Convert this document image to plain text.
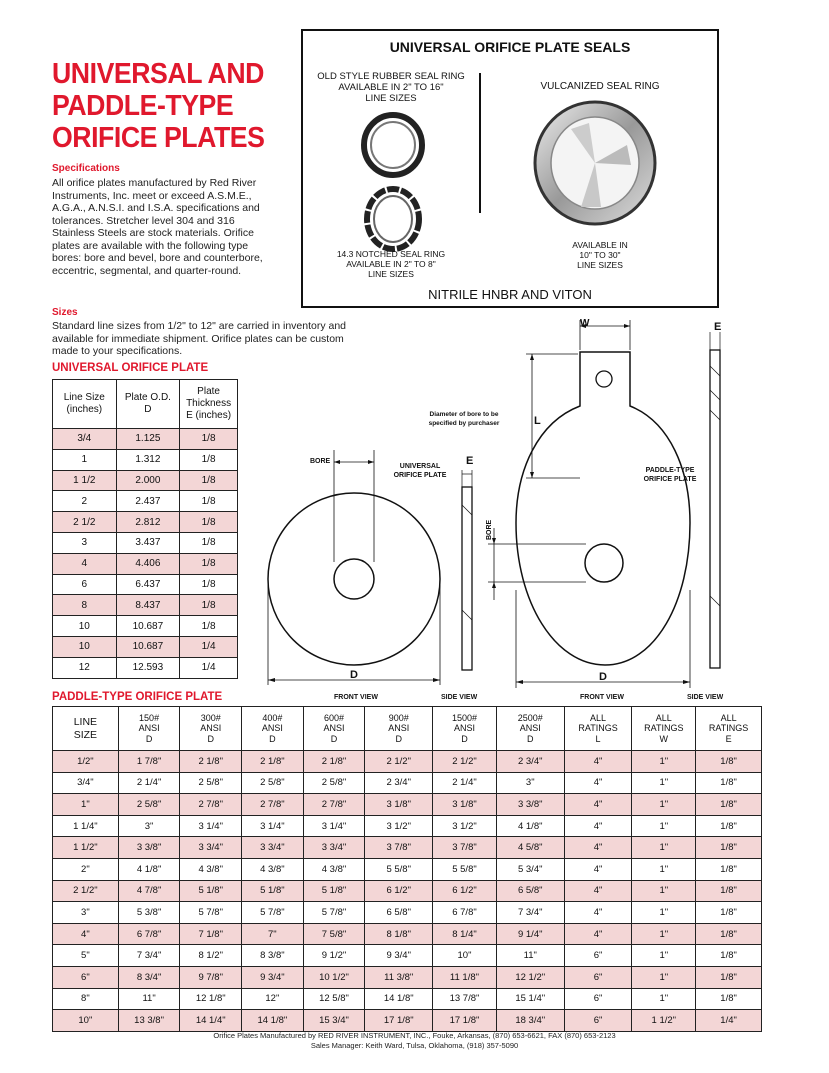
UNIVERSAL AND
PADDLE-TYPE
ORIFICE PLATES
Specifications
All orifice plates manufactured by Red River Instruments, Inc. meet or exceed A.S.M.E., A.G.A., A.N.S.I. and I.S.A. specifications and tolerances. Stretcher level 304 and 316 Stainless Steels are stock materials. Orifice plates are available with the following type bores: bore and bevel, bore and counterbore, eccentric, segmental, and quarter-round.
Sizes
Standard line sizes from 1/2" to 12" are carried in inventory and available for immediate shipment. Orifice plates can be custom made to your specifications.
UNIVERSAL ORIFICE PLATE SEALS
OLD STYLE RUBBER SEAL RING
AVAILABLE IN 2" TO 16"
LINE SIZES
14.3 NOTCHED SEAL RING
AVAILABLE IN 2" TO 8"
LINE SIZES
VULCANIZED SEAL RING
AVAILABLE IN
10" TO 30"
LINE SIZES
NITRILE HNBR AND VITON
UNIVERSAL ORIFICE PLATE
Line Size
(inches)	Plate O.D.
D	Plate
Thickness
E (inches)
3/4	1.125	1/8
1	1.312	1/8
1 1/2	2.000	1/8
2	2.437	1/8
2 1/2	2.812	1/8
3	3.437	1/8
4	4.406	1/8
6	6.437	1/8
8	8.437	1/8
10	10.687	1/8
10	10.687	1/4
12	12.593	1/4
W	E
E
L
D	D
BORE
BORE
Diameter of bore to be
specified by purchaser
UNIVERSAL
ORIFICE PLATE
PADDLE-TYPE
ORIFICE PLATE
FRONT VIEW	SIDE VIEW	FRONT VIEW	SIDE VIEW
PADDLE-TYPE ORIFICE PLATE
LINE
SIZE	150#
ANSI
D	300#
ANSI
D	400#
ANSI
D	600#
ANSI
D	900#
ANSI
D	1500#
ANSI
D	2500#
ANSI
D	ALL
RATINGS
L	ALL
RATINGS
W	ALL
RATINGS
E
1/2"	1 7/8"	2 1/8"	2 1/8"	2 1/8"	2 1/2"	2 1/2"	2 3/4"	4"	1"	1/8"
3/4"	2 1/4"	2 5/8"	2 5/8"	2 5/8"	2 3/4"	2 1/4"	3"	4"	1"	1/8"
1"	2 5/8"	2 7/8"	2 7/8"	2 7/8"	3 1/8"	3 1/8"	3 3/8"	4"	1"	1/8"
1 1/4"	3"	3 1/4"	3 1/4"	3 1/4"	3 1/2"	3 1/2"	4 1/8"	4"	1"	1/8"
1 1/2"	3 3/8"	3 3/4"	3 3/4"	3 3/4"	3 7/8"	3 7/8"	4 5/8"	4"	1"	1/8"
2"	4 1/8"	4 3/8"	4 3/8"	4 3/8"	5 5/8"	5 5/8"	5 3/4"	4"	1"	1/8"
2 1/2"	4 7/8"	5 1/8"	5 1/8"	5 1/8"	6 1/2"	6 1/2"	6 5/8"	4"	1"	1/8"
3"	5 3/8"	5 7/8"	5 7/8"	5 7/8"	6 5/8"	6 7/8"	7 3/4"	4"	1"	1/8"
4"	6 7/8"	7 1/8"	7"	7 5/8"	8 1/8"	8 1/4"	9 1/4"	4"	1"	1/8"
5"	7 3/4"	8 1/2"	8 3/8"	9 1/2"	9 3/4"	10"	11"	6"	1"	1/8"
6"	8 3/4"	9 7/8"	9 3/4"	10 1/2"	11 3/8"	11 1/8"	12 1/2"	6"	1"	1/8"
8"	11"	12 1/8"	12"	12 5/8"	14 1/8"	13 7/8"	15 1/4"	6"	1"	1/8"
10"	13 3/8"	14 1/4"	14 1/8"	15 3/4"	17 1/8"	17 1/8"	18 3/4"	6"	1 1/2"	1/4"
Orifice Plates Manufactured by RED RIVER INSTRUMENT, INC., Fouke, Arkansas, (870) 653-6621, FAX (870) 653-2123
Sales Manager: Keith Ward, Tulsa, Oklahoma, (918) 357-5090
